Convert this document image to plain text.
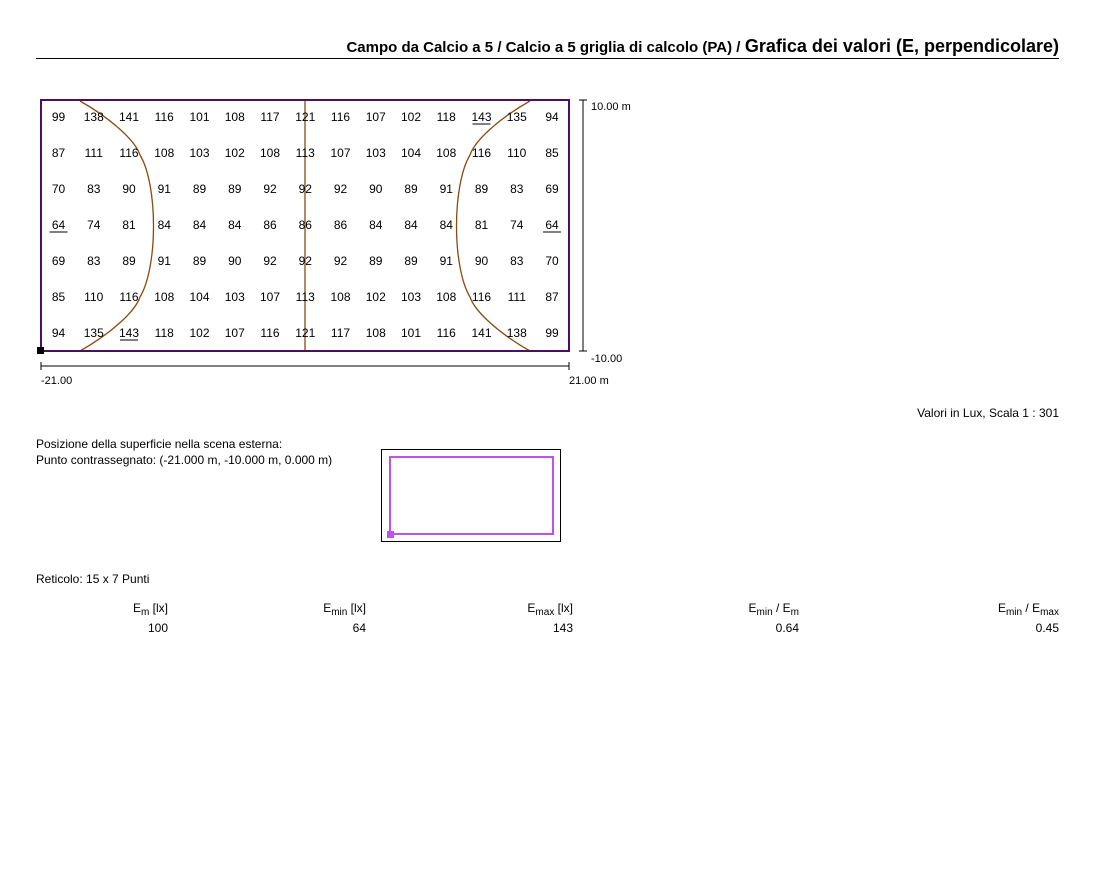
Campo da Calcio a 5 / Calcio a 5 griglia di calcolo (PA) / Grafica dei valori (E, perpendicolare)
99 138 141 116 101 108 117 121 116 107 102 118 143 135 94
87 111 116 108 103 102 108 113 107 103 104 108 116 110 85
70 83 90 91 89 89 92 92 92 90 89 91 89 83 69
64 74 81 84 84 84 86 86 86 84 84 84 81 74 64
69 83 89 91 89 90 92 92 92 89 89 91 90 83 70
85 110 116 108 104 103 107 113 108 102 103 108 116 111 87
94 135 143 118 102 107 116 121 117 108 101 116 141 138 99
10.00 m
-10.00
-21.00	21.00 m
Valori in Lux, Scala 1 : 301
Posizione della superficie nella scena esterna:
Punto contrassegnato: (-21.000 m, -10.000 m, 0.000 m)
Reticolo: 15 x 7 Punti
$E_m$ [lx]
100
$E_{min}$ [lx]
64
$E_{max}$ [lx]
143
$E_{min} / E_m$
0.64
$E_{min} / E_{max}$
0.45
